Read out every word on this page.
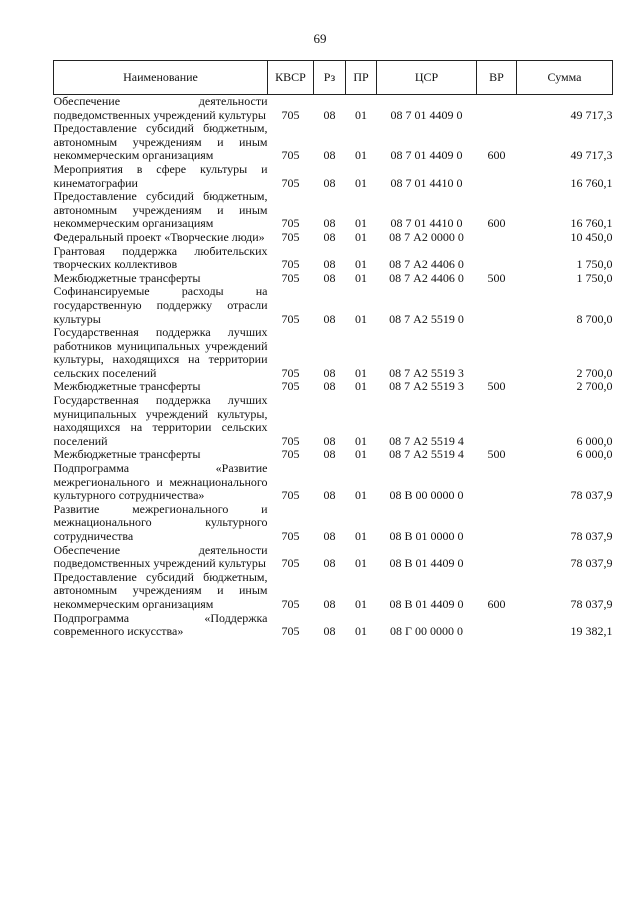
69
Наименование	КВСР	Рз	ПР	ЦСР	ВР	Сумма
Обеспечение деятельности подведомственных учреждений культуры	705	08	01	08 7 01 4409 0		49 717,3
Предоставление субсидий бюджетным, автономным учреждениям и иным некоммерческим организациям	705	08	01	08 7 01 4409 0	600	49 717,3
Мероприятия в сфере культуры и кинематографии	705	08	01	08 7 01 4410 0		16 760,1
Предоставление субсидий бюджетным, автономным учреждениям и иным некоммерческим организациям	705	08	01	08 7 01 4410 0	600	16 760,1
Федеральный проект «Творческие люди»	705	08	01	08 7 А2 0000 0		10 450,0
Грантовая поддержка любительских творческих коллективов	705	08	01	08 7 А2 4406 0		1 750,0
Межбюджетные трансферты	705	08	01	08 7 А2 4406 0	500	1 750,0
Софинансируемые расходы на государственную поддержку отрасли культуры	705	08	01	08 7 А2 5519 0		8 700,0
Государственная поддержка лучших работников муниципальных учреждений культуры, находящихся на территории сельских поселений	705	08	01	08 7 А2 5519 3		2 700,0
Межбюджетные трансферты	705	08	01	08 7 А2 5519 3	500	2 700,0
Государственная поддержка лучших муниципальных учреждений культуры, находящихся на территории сельских поселений	705	08	01	08 7 А2 5519 4		6 000,0
Межбюджетные трансферты	705	08	01	08 7 А2 5519 4	500	6 000,0
Подпрограмма «Развитие межрегионального и межнационального культурного сотрудничества»	705	08	01	08 В 00 0000 0		78 037,9
Развитие межрегионального и межнационального культурного сотрудничества	705	08	01	08 В 01 0000 0		78 037,9
Обеспечение деятельности подведомственных учреждений культуры	705	08	01	08 В 01 4409 0		78 037,9
Предоставление субсидий бюджетным, автономным учреждениям и иным некоммерческим организациям	705	08	01	08 В 01 4409 0	600	78 037,9
Подпрограмма «Поддержка современного искусства»	705	08	01	08 Г 00 0000 0		19 382,1
